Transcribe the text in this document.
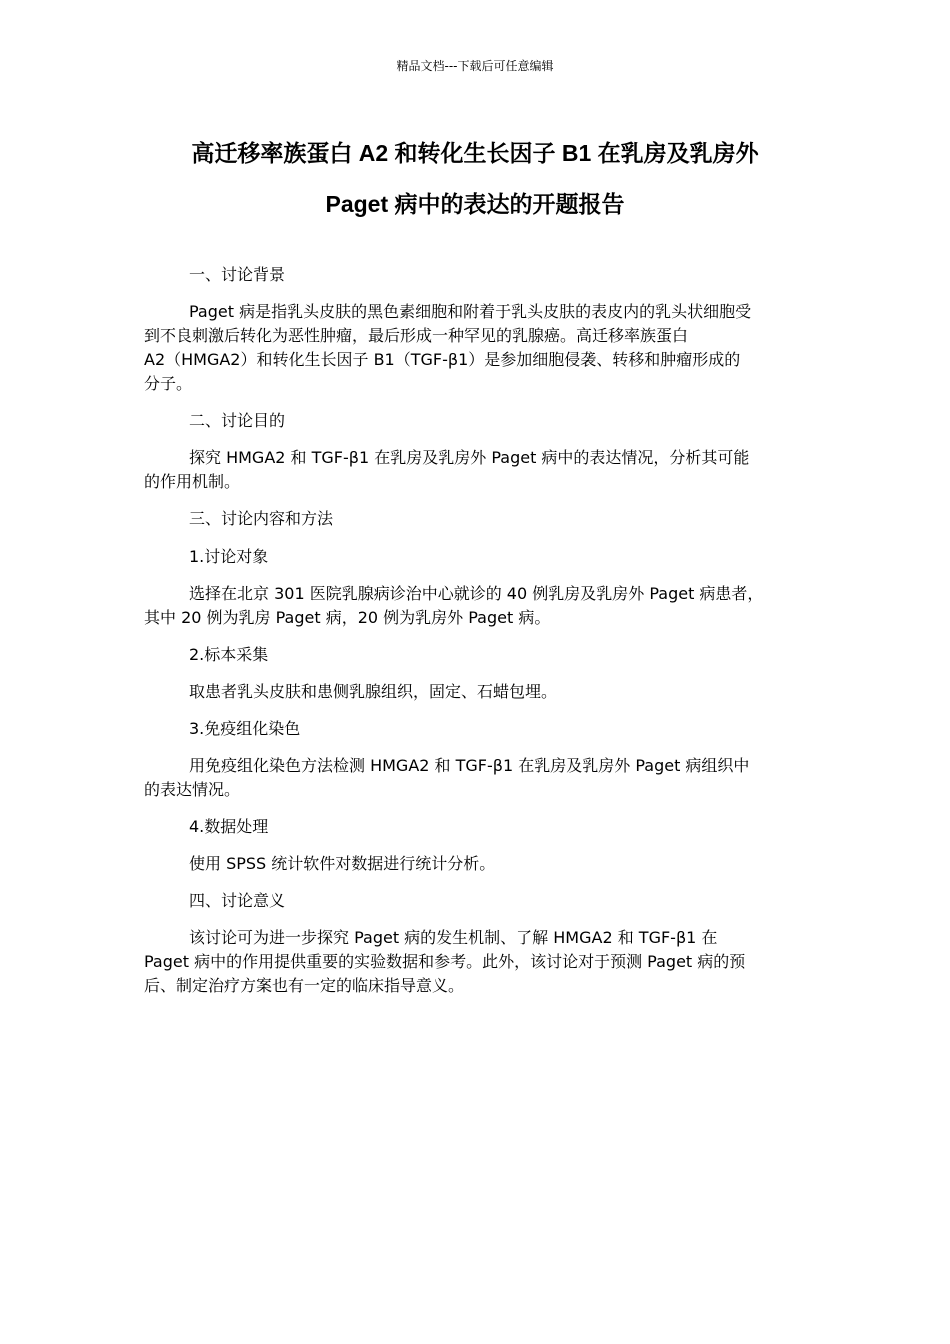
精品文档---下载后可任意编辑
高迁移率族蛋白 A2 和转化生长因子 B1 在乳房及乳房外
Paget 病中的表达的开题报告
一、讨论背景
Paget 病是指乳头皮肤的黑色素细胞和附着于乳头皮肤的表皮内的乳头状细胞受
到不良刺激后转化为恶性肿瘤，最后形成一种罕见的乳腺癌。高迁移率族蛋白
A2（HMGA2）和转化生长因子 B1（TGF-β1）是参加细胞侵袭、转移和肿瘤形成的
分子。
二、讨论目的
探究 HMGA2 和 TGF-β1 在乳房及乳房外 Paget 病中的表达情况，分析其可能
的作用机制。
三、讨论内容和方法
1.讨论对象
选择在北京 301 医院乳腺病诊治中心就诊的 40 例乳房及乳房外 Paget 病患者，
其中 20 例为乳房 Paget 病，20 例为乳房外 Paget 病。
2.标本采集
取患者乳头皮肤和患侧乳腺组织，固定、石蜡包埋。
3.免疫组化染色
用免疫组化染色方法检测 HMGA2 和 TGF-β1 在乳房及乳房外 Paget 病组织中
的表达情况。
4.数据处理
使用 SPSS 统计软件对数据进行统计分析。
四、讨论意义
该讨论可为进一步探究 Paget 病的发生机制、了解 HMGA2 和 TGF-β1 在
Paget 病中的作用提供重要的实验数据和参考。此外，该讨论对于预测 Paget 病的预
后、制定治疗方案也有一定的临床指导意义。
